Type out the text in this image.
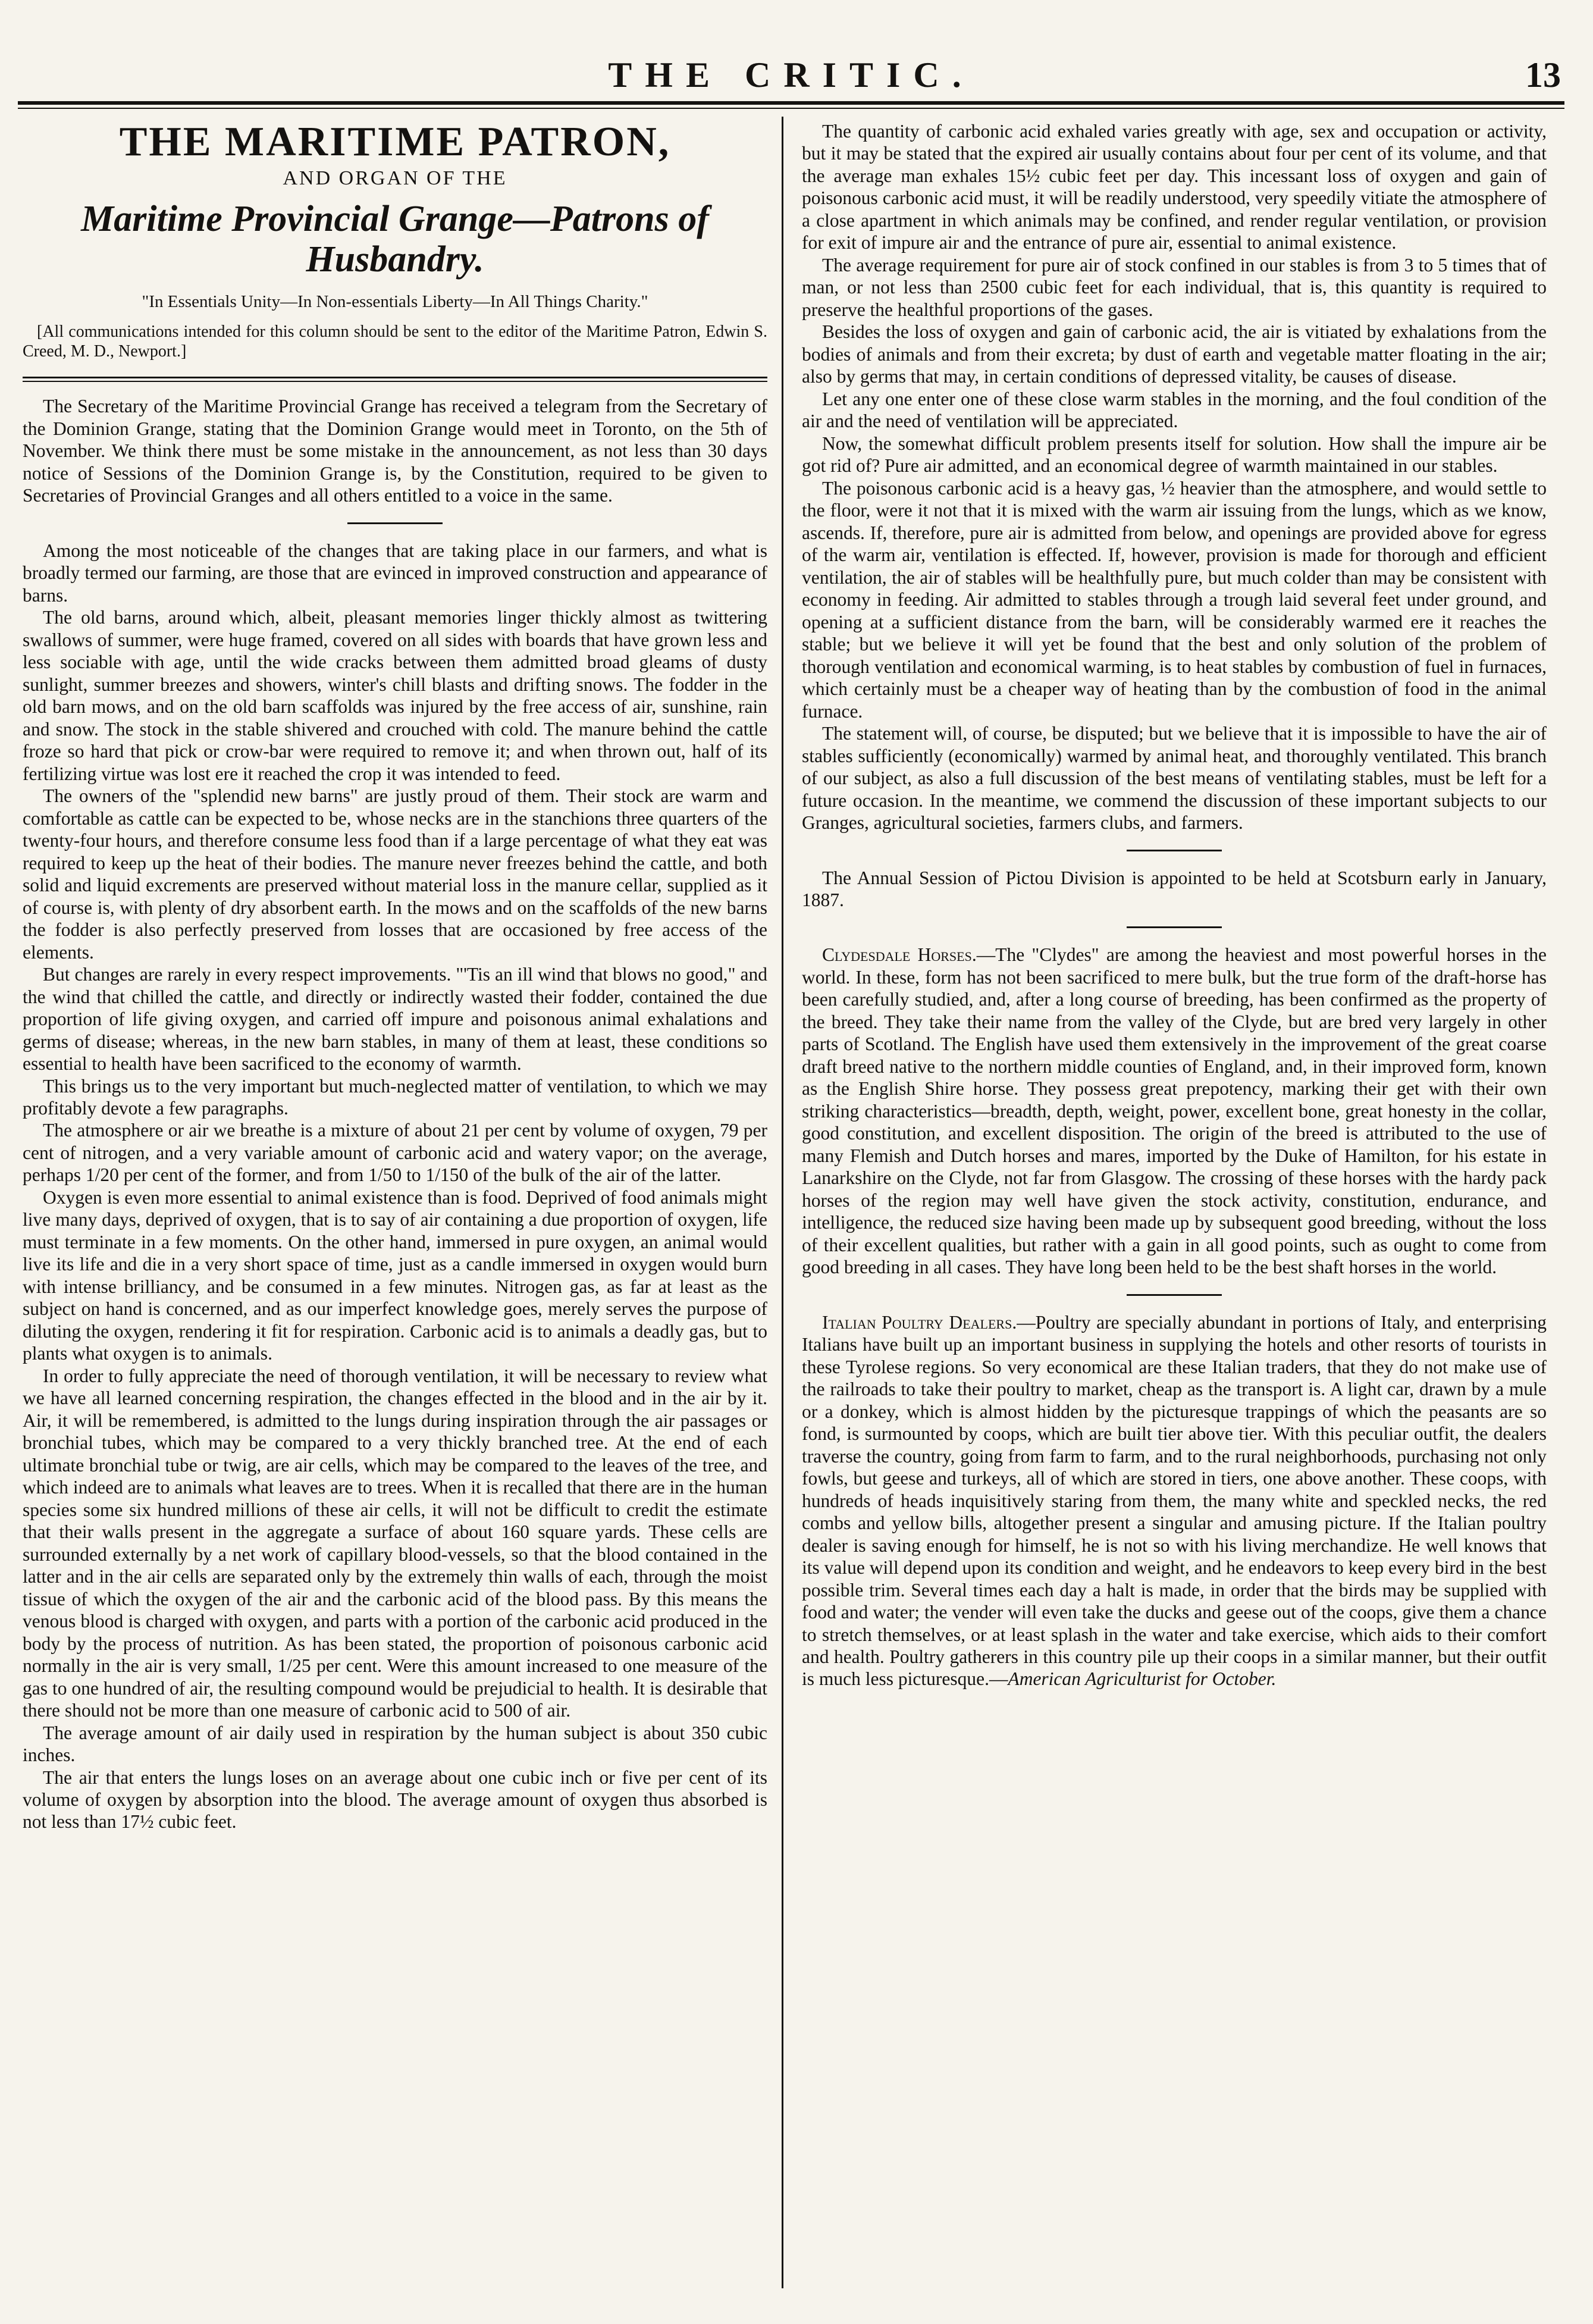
THE CRITIC.	13
THE MARITIME PATRON,
AND ORGAN OF THE
Maritime Provincial Grange—Patrons of Husbandry.
"In Essentials Unity—In Non-essentials Liberty—In All Things Charity."
[All communications intended for this column should be sent to the editor of the Maritime Patron, Edwin S. Creed, M. D., Newport.]

The Secretary of the Maritime Provincial Grange has received a telegram from the Secretary of the Dominion Grange, stating that the Dominion Grange would meet in Toronto, on the 5th of November. We think there must be some mistake in the announcement, as not less than 30 days notice of Sessions of the Dominion Grange is, by the Constitution, required to be given to Secretaries of Provincial Granges and all others entitled to a voice in the same.

Among the most noticeable of the changes that are taking place in our farmers, and what is broadly termed our farming, are those that are evinced in improved construction and appearance of barns.

The old barns, around which, albeit, pleasant memories linger thickly almost as twittering swallows of summer, were huge framed, covered on all sides with boards that have grown less and less sociable with age, until the wide cracks between them admitted broad gleams of dusty sunlight, summer breezes and showers, winter's chill blasts and drifting snows. The fodder in the old barn mows, and on the old barn scaffolds was injured by the free access of air, sunshine, rain and snow. The stock in the stable shivered and crouched with cold. The manure behind the cattle froze so hard that pick or crow-bar were required to remove it; and when thrown out, half of its fertilizing virtue was lost ere it reached the crop it was intended to feed.

The owners of the "splendid new barns" are justly proud of them. Their stock are warm and comfortable as cattle can be expected to be, whose necks are in the stanchions three quarters of the twenty-four hours, and therefore consume less food than if a large percentage of what they eat was required to keep up the heat of their bodies. The manure never freezes behind the cattle, and both solid and liquid excrements are preserved without material loss in the manure cellar, supplied as it of course is, with plenty of dry absorbent earth. In the mows and on the scaffolds of the new barns the fodder is also perfectly preserved from losses that are occasioned by free access of the elements.

But changes are rarely in every respect improvements. "'Tis an ill wind that blows no good," and the wind that chilled the cattle, and directly or indirectly wasted their fodder, contained the due proportion of life giving oxygen, and carried off impure and poisonous animal exhalations and germs of disease; whereas, in the new barn stables, in many of them at least, these conditions so essential to health have been sacrificed to the economy of warmth.

This brings us to the very important but much-neglected matter of ventilation, to which we may profitably devote a few paragraphs.

The atmosphere or air we breathe is a mixture of about 21 per cent by volume of oxygen, 79 per cent of nitrogen, and a very variable amount of carbonic acid and watery vapor; on the average, perhaps 1/20 per cent of the former, and from 1/50 to 1/150 of the bulk of the air of the latter.

Oxygen is even more essential to animal existence than is food. Deprived of food animals might live many days, deprived of oxygen, that is to say of air containing a due proportion of oxygen, life must terminate in a few moments. On the other hand, immersed in pure oxygen, an animal would live its life and die in a very short space of time, just as a candle immersed in oxygen would burn with intense brilliancy, and be consumed in a few minutes. Nitrogen gas, as far at least as the subject on hand is concerned, and as our imperfect knowledge goes, merely serves the purpose of diluting the oxygen, rendering it fit for respiration. Carbonic acid is to animals a deadly gas, but to plants what oxygen is to animals.

In order to fully appreciate the need of thorough ventilation, it will be necessary to review what we have all learned concerning respiration, the changes effected in the blood and in the air by it. Air, it will be remembered, is admitted to the lungs during inspiration through the air passages or bronchial tubes, which may be compared to a very thickly branched tree. At the end of each ultimate bronchial tube or twig, are air cells, which may be compared to the leaves of the tree, and which indeed are to animals what leaves are to trees. When it is recalled that there are in the human species some six hundred millions of these air cells, it will not be difficult to credit the estimate that their walls present in the aggregate a surface of about 160 square yards. These cells are surrounded externally by a net work of capillary blood-vessels, so that the blood contained in the latter and in the air cells are separated only by the extremely thin walls of each, through the moist tissue of which the oxygen of the air and the carbonic acid of the blood pass. By this means the venous blood is charged with oxygen, and parts with a portion of the carbonic acid produced in the body by the process of nutrition. As has been stated, the proportion of poisonous carbonic acid normally in the air is very small, 1/25 per cent. Were this amount increased to one measure of the gas to one hundred of air, the resulting compound would be prejudicial to health. It is desirable that there should not be more than one measure of carbonic acid to 500 of air.

The average amount of air daily used in respiration by the human subject is about 350 cubic inches.

The air that enters the lungs loses on an average about one cubic inch or five per cent of its volume of oxygen by absorption into the blood. The average amount of oxygen thus absorbed is not less than 17½ cubic feet.

The quantity of carbonic acid exhaled varies greatly with age, sex and occupation or activity, but it may be stated that the expired air usually contains about four per cent of its volume, and that the average man exhales 15½ cubic feet per day. This incessant loss of oxygen and gain of poisonous carbonic acid must, it will be readily understood, very speedily vitiate the atmosphere of a close apartment in which animals may be confined, and render regular ventilation, or provision for exit of impure air and the entrance of pure air, essential to animal existence.

The average requirement for pure air of stock confined in our stables is from 3 to 5 times that of man, or not less than 2500 cubic feet for each individual, that is, this quantity is required to preserve the healthful proportions of the gases.

Besides the loss of oxygen and gain of carbonic acid, the air is vitiated by exhalations from the bodies of animals and from their excreta; by dust of earth and vegetable matter floating in the air; also by germs that may, in certain conditions of depressed vitality, be causes of disease.

Let any one enter one of these close warm stables in the morning, and the foul condition of the air and the need of ventilation will be appreciated.

Now, the somewhat difficult problem presents itself for solution. How shall the impure air be got rid of? Pure air admitted, and an economical degree of warmth maintained in our stables.

The poisonous carbonic acid is a heavy gas, ½ heavier than the atmosphere, and would settle to the floor, were it not that it is mixed with the warm air issuing from the lungs, which as we know, ascends. If, therefore, pure air is admitted from below, and openings are provided above for egress of the warm air, ventilation is effected. If, however, provision is made for thorough and efficient ventilation, the air of stables will be healthfully pure, but much colder than may be consistent with economy in feeding. Air admitted to stables through a trough laid several feet under ground, and opening at a sufficient distance from the barn, will be considerably warmed ere it reaches the stable; but we believe it will yet be found that the best and only solution of the problem of thorough ventilation and economical warming, is to heat stables by combustion of fuel in furnaces, which certainly must be a cheaper way of heating than by the combustion of food in the animal furnace.

The statement will, of course, be disputed; but we believe that it is impossible to have the air of stables sufficiently (economically) warmed by animal heat, and thoroughly ventilated. This branch of our subject, as also a full discussion of the best means of ventilating stables, must be left for a future occasion. In the meantime, we commend the discussion of these important subjects to our Granges, agricultural societies, farmers clubs, and farmers.

The Annual Session of Pictou Division is appointed to be held at Scotsburn early in January, 1887.

Clydesdale Horses.—The "Clydes" are among the heaviest and most powerful horses in the world. In these, form has not been sacrificed to mere bulk, but the true form of the draft-horse has been carefully studied, and, after a long course of breeding, has been confirmed as the property of the breed. They take their name from the valley of the Clyde, but are bred very largely in other parts of Scotland. The English have used them extensively in the improvement of the great coarse draft breed native to the northern middle counties of England, and, in their improved form, known as the English Shire horse. They possess great prepotency, marking their get with their own striking characteristics—breadth, depth, weight, power, excellent bone, great honesty in the collar, good constitution, and excellent disposition. The origin of the breed is attributed to the use of many Flemish and Dutch horses and mares, imported by the Duke of Hamilton, for his estate in Lanarkshire on the Clyde, not far from Glasgow. The crossing of these horses with the hardy pack horses of the region may well have given the stock activity, constitution, endurance, and intelligence, the reduced size having been made up by subsequent good breeding, without the loss of their excellent qualities, but rather with a gain in all good points, such as ought to come from good breeding in all cases. They have long been held to be the best shaft horses in the world.

Italian Poultry Dealers.—Poultry are specially abundant in portions of Italy, and enterprising Italians have built up an important business in supplying the hotels and other resorts of tourists in these Tyrolese regions. So very economical are these Italian traders, that they do not make use of the railroads to take their poultry to market, cheap as the transport is. A light car, drawn by a mule or a donkey, which is almost hidden by the picturesque trappings of which the peasants are so fond, is surmounted by coops, which are built tier above tier. With this peculiar outfit, the dealers traverse the country, going from farm to farm, and to the rural neighborhoods, purchasing not only fowls, but geese and turkeys, all of which are stored in tiers, one above another. These coops, with hundreds of heads inquisitively staring from them, the many white and speckled necks, the red combs and yellow bills, altogether present a singular and amusing picture. If the Italian poultry dealer is saving enough for himself, he is not so with his living merchandize. He well knows that its value will depend upon its condition and weight, and he endeavors to keep every bird in the best possible trim. Several times each day a halt is made, in order that the birds may be supplied with food and water; the vender will even take the ducks and geese out of the coops, give them a chance to stretch themselves, or at least splash in the water and take exercise, which aids to their comfort and health. Poultry gatherers in this country pile up their coops in a similar manner, but their outfit is much less picturesque.—American Agriculturist for October.
